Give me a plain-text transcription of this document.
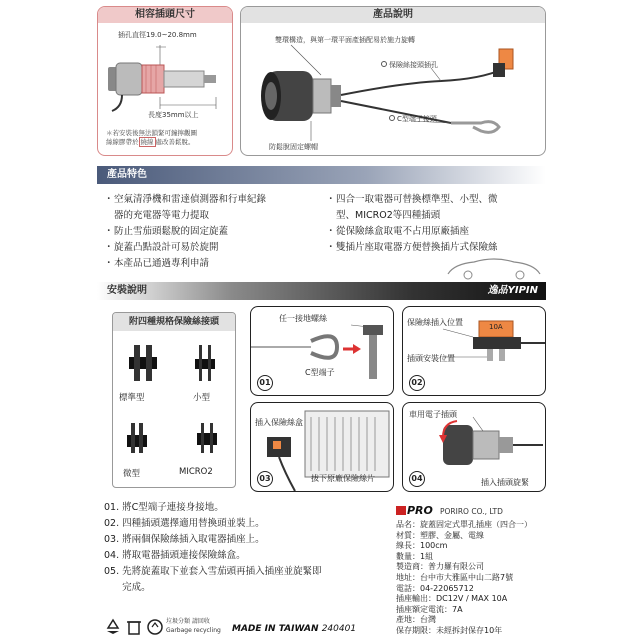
相容插頭尺寸
插孔直徑19.0~20.8mm
長度35mm以上
＊若安裝後無法鎖緊可鐘擰觀圖
絲線膠帶於 繞線 處改善鬆脫。
產品說明
雙環構造，與第一環平面產插配易於施力旋轉
保險絲接頭插孔
C型端子接頭
防鬆脫固定螺帽
產品特色
・空氣清淨機和雷達偵測器和行車紀錄
器的充電器等電力提取
・防止雪茄頭鬆脫的固定旋蓋
・旋蓋凸點設計可易於旋開
・本產品已通過專利申請
・四合一取電器可替換標準型、小型、微
型、MICRO2等四種插頭
・從保險絲盒取電不占用原廠插座
・雙插片座取電器方便替換插片式保險絲
安裝說明	逸品YIPIN
附四種規格保險絲接頭
標準型	小型
微型	MICRO2
任一接地螺絲
C型端子
01
保險絲插入位置	10A
插頭安裝位置
02
插入保險絲盒
拔下原廠保險絲片
03
車用電子插頭
插入插頭旋緊
04
01. 將C型端子連接身接地。
02. 四種插頭選擇適用替換頭並裝上。
03. 將兩個保險絲插入取電器插座上。
04. 將取電器插頭連接保險絲盒。
05. 先將旋蓋取下並套入雪茄頭再插入插座並旋緊即
完成。
PRO PORIRO CO., LTD
品名：旋蓋固定式單孔插座（四合一）
材質：塑膠、金屬、電線
線長：100cm
數量：1組
製造商：普力羅有限公司
地址：台中市大雅區中山二路7號
電話：04-22065712
插座輸出：DC12V / MAX 10A
插座額定電流：7A
產地：台灣
保存期限：未經拆封保存10年
垃圾分類 請回收
Garbage recycling MADE IN TAIWAN 240401
